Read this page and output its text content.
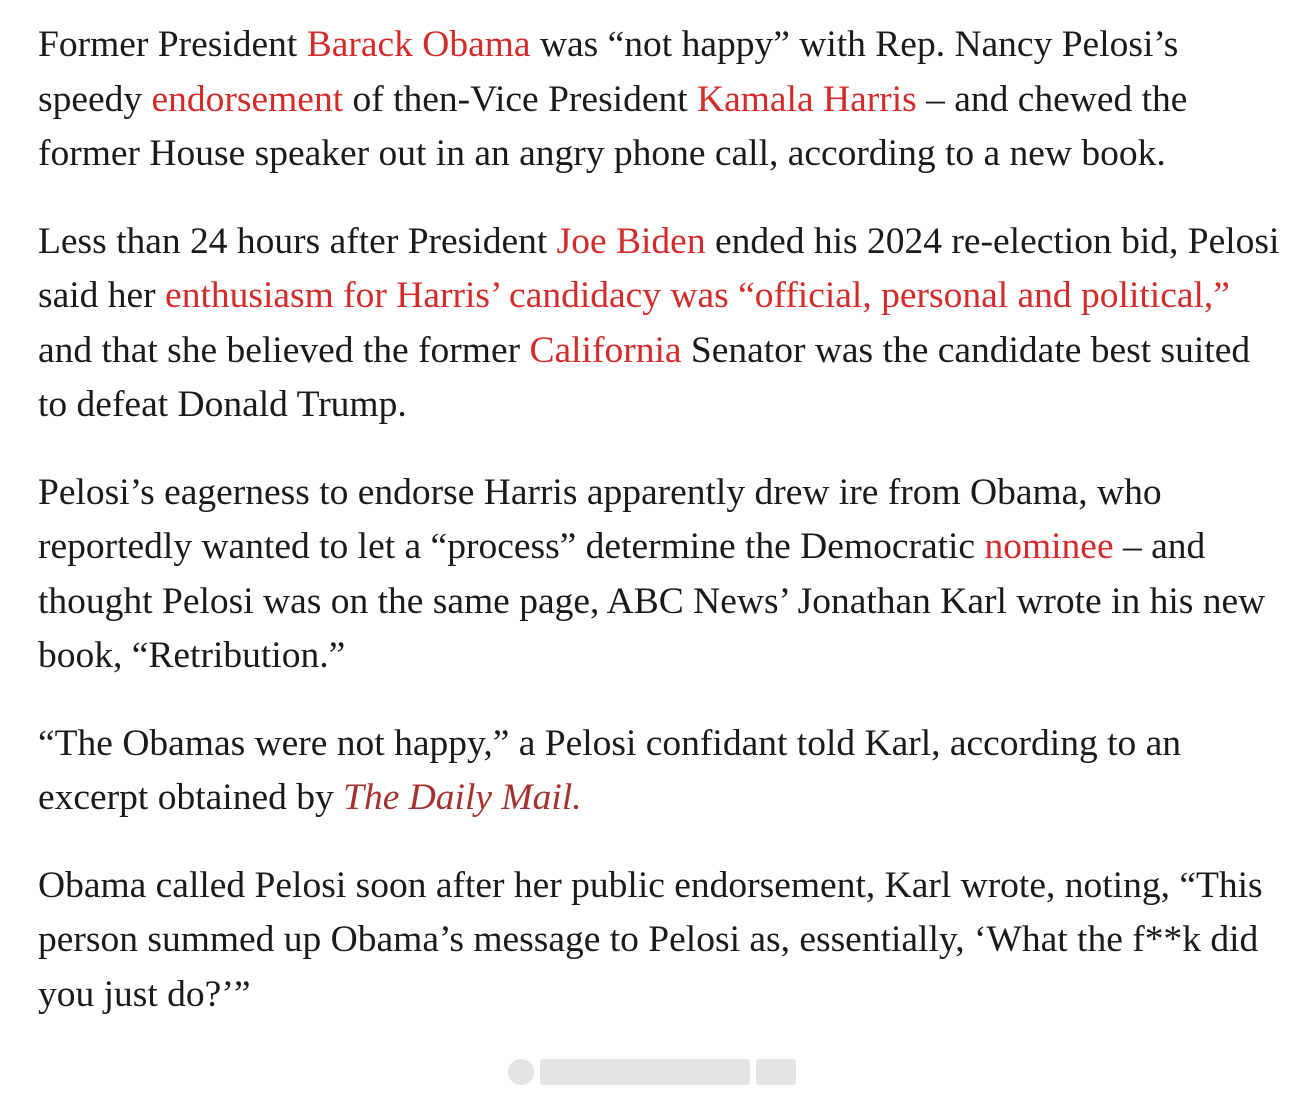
Former President Barack Obama was “not happy” with Rep. Nancy Pelosi’s speedy endorsement of then-Vice President Kamala Harris – and chewed the former House speaker out in an angry phone call, according to a new book.

Less than 24 hours after President Joe Biden ended his 2024 re-election bid, Pelosi said her enthusiasm for Harris’ candidacy was “official, personal and political,” and that she believed the former California Senator was the candidate best suited to defeat Donald Trump.

Pelosi’s eagerness to endorse Harris apparently drew ire from Obama, who reportedly wanted to let a “process” determine the Democratic nominee – and thought Pelosi was on the same page, ABC News’ Jonathan Karl wrote in his new book, “Retribution.”

“The Obamas were not happy,” a Pelosi confidant told Karl, according to an excerpt obtained by The Daily Mail.

Obama called Pelosi soon after her public endorsement, Karl wrote, noting, “This person summed up Obama’s message to Pelosi as, essentially, ‘What the f**k did you just do?’”
